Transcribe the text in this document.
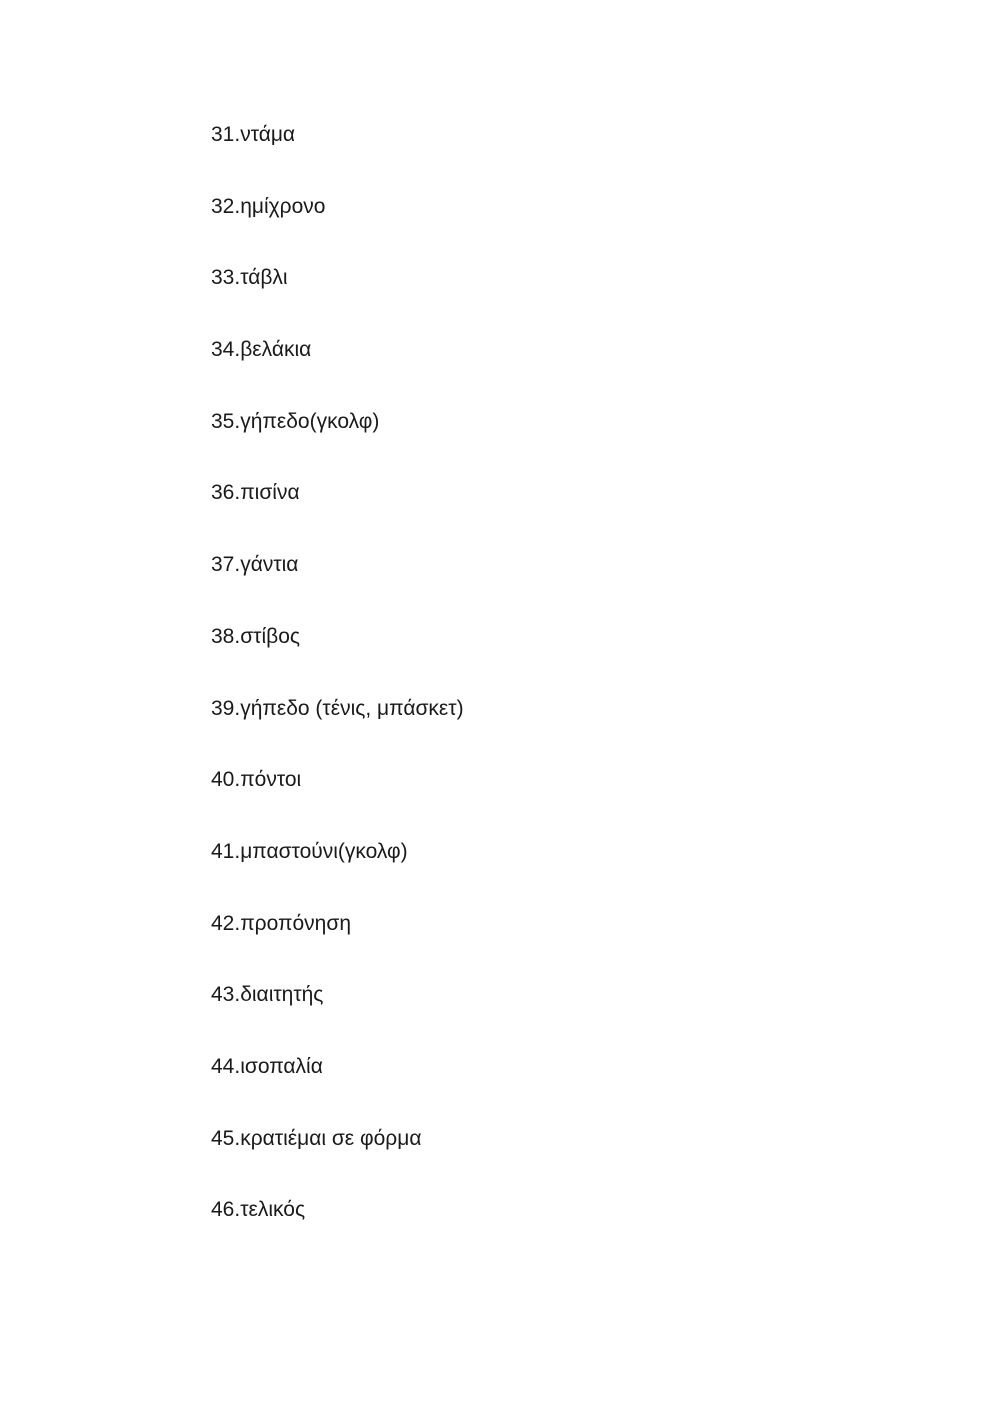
31.ντάμα
32.ημίχρονο
33.τάβλι
34.βελάκια
35.γήπεδο(γκολφ)
36.πισίνα
37.γάντια
38.στίβος
39.γήπεδο (τένις, μπάσκετ)
40.πόντοι
41.μπαστούνι(γκολφ)
42.προπόνηση
43.διαιτητής
44.ισοπαλία
45.κρατιέμαι σε φόρμα
46.τελικός
